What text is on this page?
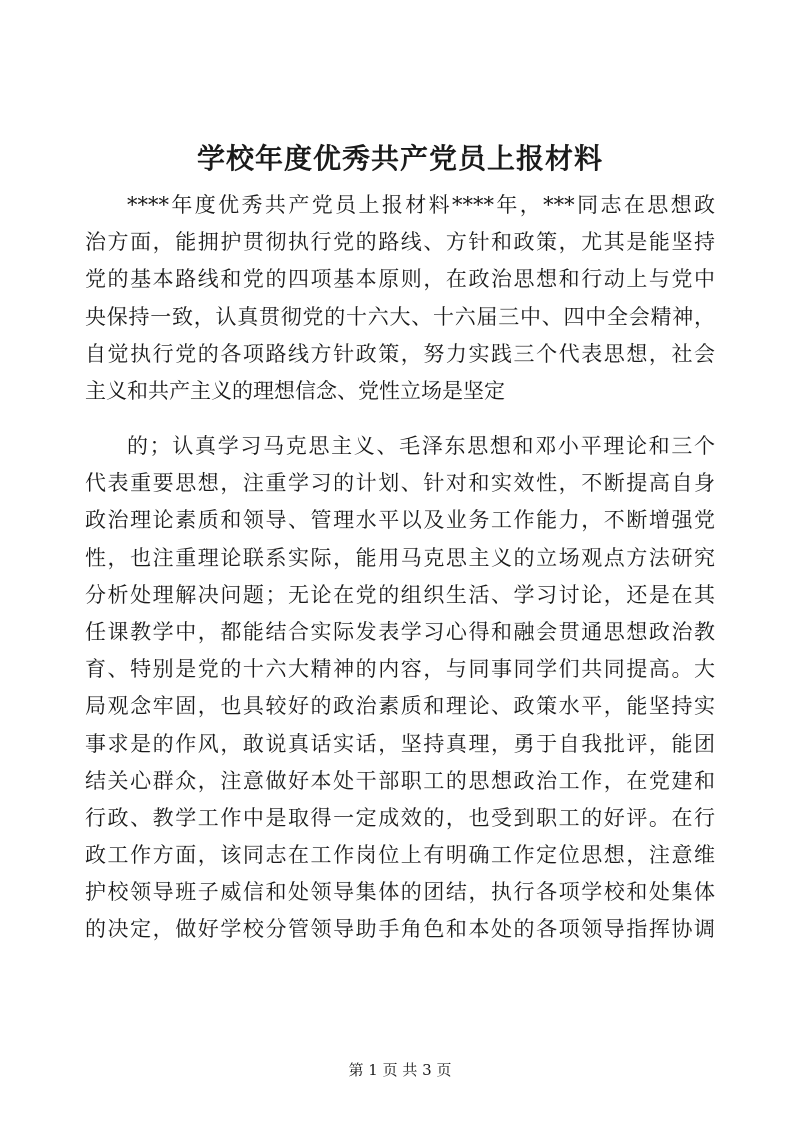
学校年度优秀共产党员上报材料
****年度优秀共产党员上报材料****年，***同志在思想政
治方面，能拥护贯彻执行党的路线、方针和政策，尤其是能坚持
党的基本路线和党的四项基本原则，在政治思想和行动上与党中
央保持一致，认真贯彻党的十六大、十六届三中、四中全会精神，
自觉执行党的各项路线方针政策，努力实践三个代表思想，社会
主义和共产主义的理想信念、党性立场是坚定
的；认真学习马克思主义、毛泽东思想和邓小平理论和三个
代表重要思想，注重学习的计划、针对和实效性，不断提高自身
政治理论素质和领导、管理水平以及业务工作能力，不断增强党
性，也注重理论联系实际，能用马克思主义的立场观点方法研究
分析处理解决问题；无论在党的组织生活、学习讨论，还是在其
任课教学中，都能结合实际发表学习心得和融会贯通思想政治教
育、特别是党的十六大精神的内容，与同事同学们共同提高。大
局观念牢固，也具较好的政治素质和理论、政策水平，能坚持实
事求是的作风，敢说真话实话，坚持真理，勇于自我批评，能团
结关心群众，注意做好本处干部职工的思想政治工作，在党建和
行政、教学工作中是取得一定成效的，也受到职工的好评。在行
政工作方面，该同志在工作岗位上有明确工作定位思想，注意维
护校领导班子威信和处领导集体的团结，执行各项学校和处集体
的决定，做好学校分管领导助手角色和本处的各项领导指挥协调
第 1 页 共 3 页
